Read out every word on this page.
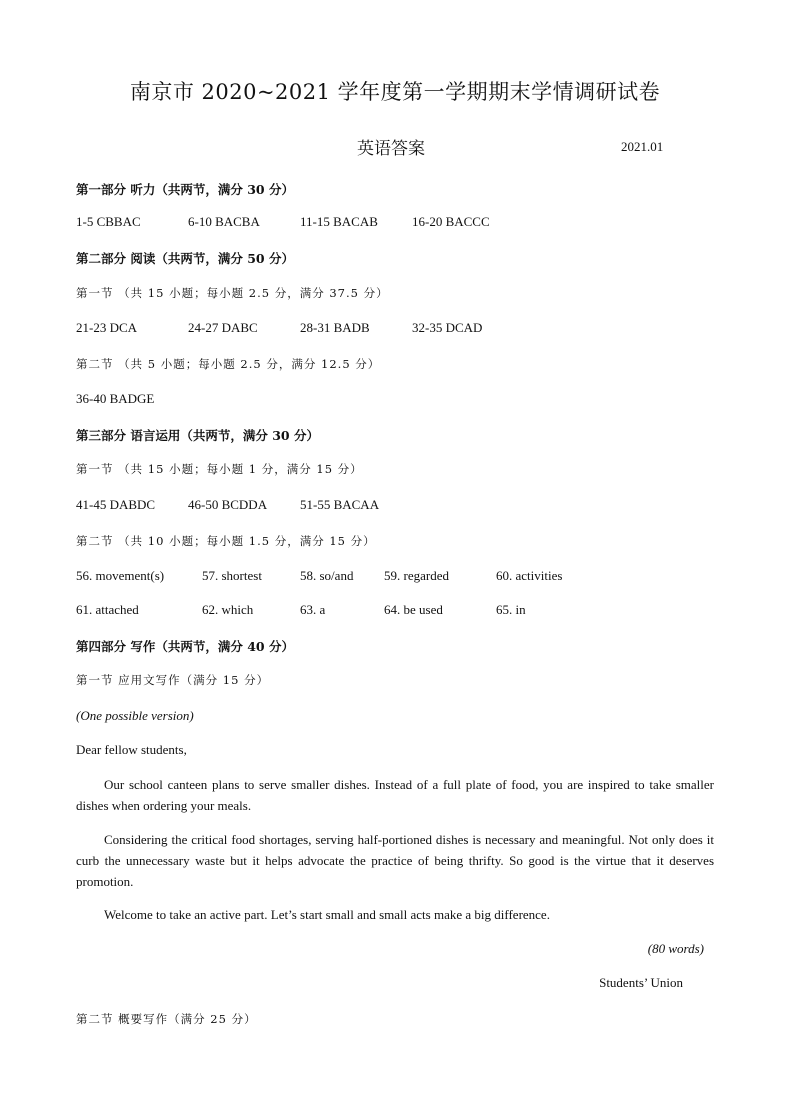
南京市 2020~2021 学年度第一学期期末学情调研试卷
英语答案	2021.01
第一部分 听力（共两节，满分 30 分）
1-5 CBBAC	6-10 BACBA	11-15 BACAB	16-20 BACCC
第二部分 阅读（共两节，满分 50 分）
第一节 （共 15 小题；每小题 2.5 分，满分 37.5 分）
21-23 DCA	24-27 DABC	28-31 BADB	32-35 DCAD
第二节 （共 5 小题；每小题 2.5 分，满分 12.5 分）
36-40 BADGE
第三部分 语言运用（共两节，满分 30 分）
第一节 （共 15 小题；每小题 1 分，满分 15 分）
41-45 DABDC	46-50 BCDDA	51-55 BACAA
第二节 （共 10 小题；每小题 1.5 分，满分 15 分）
56. movement(s)	57. shortest	58. so/and 59. regarded	60. activities
61. attached	62. which	63. a	64. be used	65. in
第四部分 写作（共两节，满分 40 分）
第一节 应用文写作（满分 15 分）
(One possible version)
Dear fellow students,
Our school canteen plans to serve smaller dishes. Instead of a full plate of food, you are inspired to take smaller dishes when ordering your meals.
Considering the critical food shortages, serving half-portioned dishes is necessary and meaningful. Not only does it curb the unnecessary waste but it helps advocate the practice of being thrifty. So good is the virtue that it deserves promotion.
Welcome to take an active part. Let’s start small and small acts make a big difference.
(80 words)
Students’ Union
第二节 概要写作（满分 25 分）
